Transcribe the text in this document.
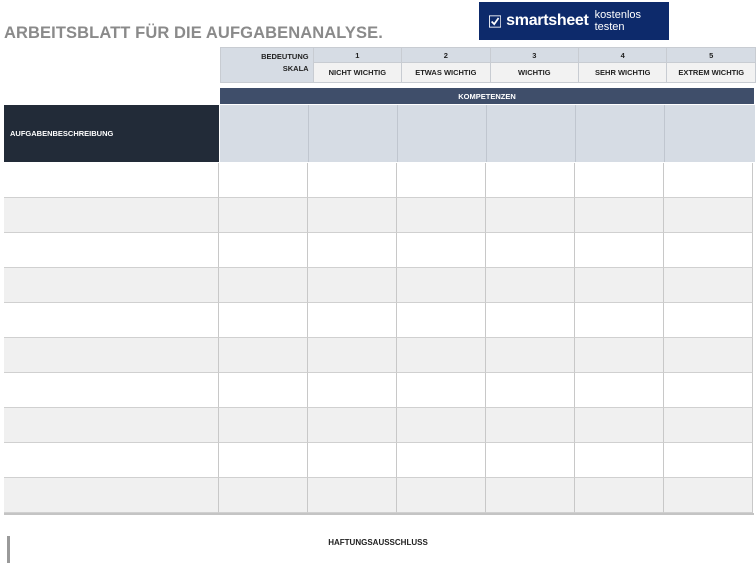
ARBEITSBLATT FÜR DIE AUFGABENANALYSE.
smartsheet kostenlos testen
BEDEUTUNG
SKALA	1	2	3	4	5
	NICHT WICHTIG	ETWAS WICHTIG	WICHTIG	SEHR WICHTIG	EXTREM WICHTIG
KOMPETENZEN
AUFGABENBESCHREIBUNG
HAFTUNGSAUSSCHLUSS
